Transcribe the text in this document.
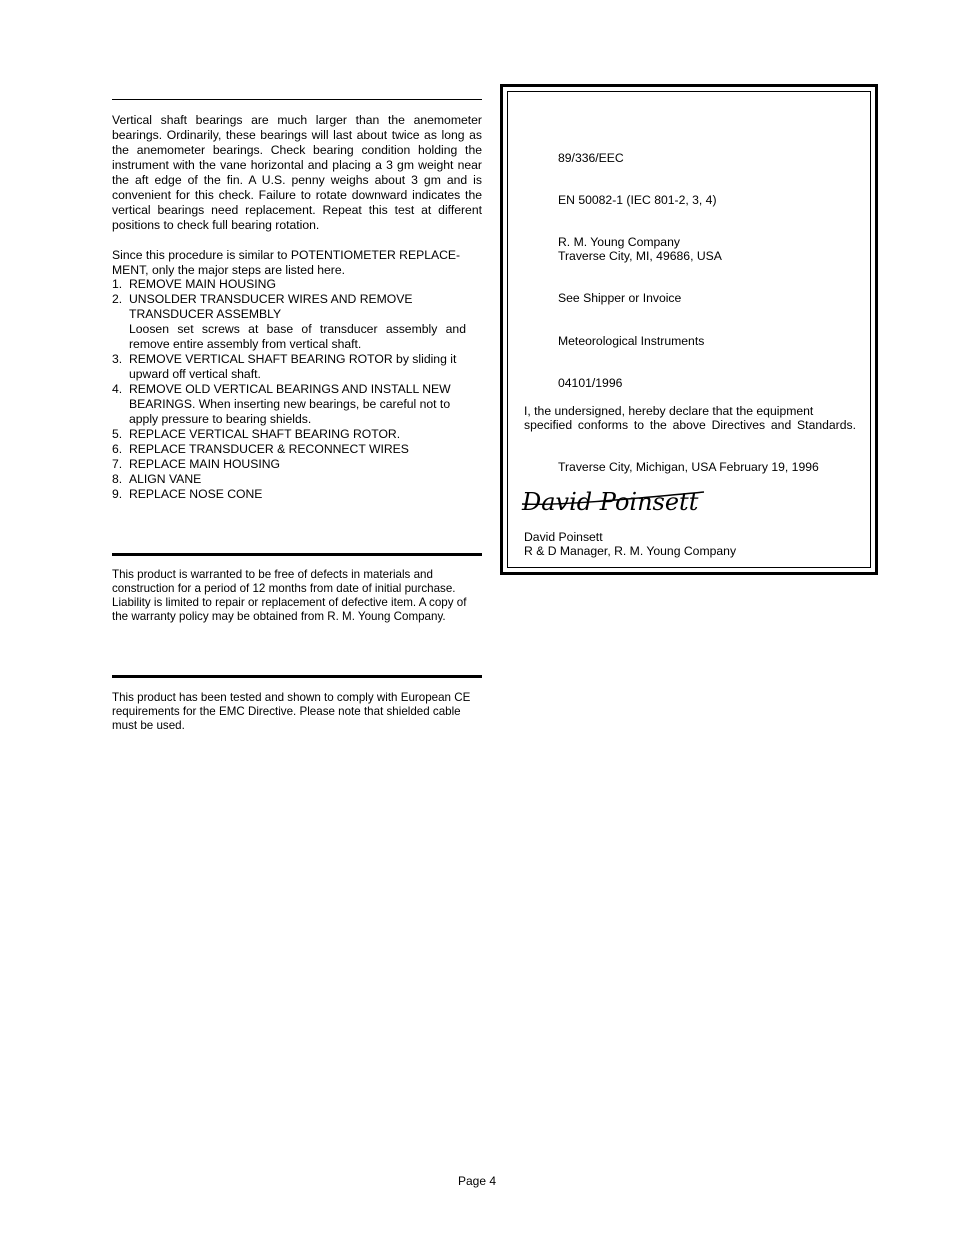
Vertical shaft bearings are much larger than the anemometer bearings. Ordinarily, these bearings will last about twice as long as the anemometer bearings. Check bearing condition holding the instrument with the vane horizontal and placing a 3 gm weight near the aft edge of the fin. A U.S. penny weighs about 3 gm and is convenient for this check. Failure to rotate downward indicates the vertical bearings need replacement. Repeat this test at different positions to check full bearing rotation.
Since this procedure is similar to POTENTIOMETER REPLACE-MENT, only the major steps are listed here.
1. REMOVE MAIN HOUSING
2. UNSOLDER TRANSDUCER WIRES AND REMOVE TRANSDUCER ASSEMBLY
Loosen set screws at base of transducer assembly and remove entire assembly from vertical shaft.
3. REMOVE VERTICAL SHAFT BEARING ROTOR by sliding it upward off vertical shaft.
4. REMOVE OLD VERTICAL BEARINGS AND INSTALL NEW BEARINGS. When inserting new bearings, be careful not to apply pressure to bearing shields.
5. REPLACE VERTICAL SHAFT BEARING ROTOR.
6. REPLACE TRANSDUCER & RECONNECT WIRES
7. REPLACE MAIN HOUSING
8. ALIGN VANE
9. REPLACE NOSE CONE
This product is warranted to be free of defects in materials and construction for a period of 12 months from date of initial purchase. Liability is limited to repair or replacement of defective item. A copy of the warranty policy may be obtained from R. M. Young Company.
This product has been tested and shown to comply with European CE requirements for the EMC Directive. Please note that shielded cable must be used.
89/336/EEC
EN 50082-1 (IEC 801-2, 3, 4)
R. M. Young Company
Traverse City, MI, 49686, USA
See Shipper or Invoice
Meteorological Instruments
04101/1996
I, the undersigned, hereby declare that the equipment
specified conforms to the above Directives and Standards.
Traverse City, Michigan, USA February 19, 1996
David Poinsett
David Poinsett
R & D Manager, R. M. Young Company
Page 4
